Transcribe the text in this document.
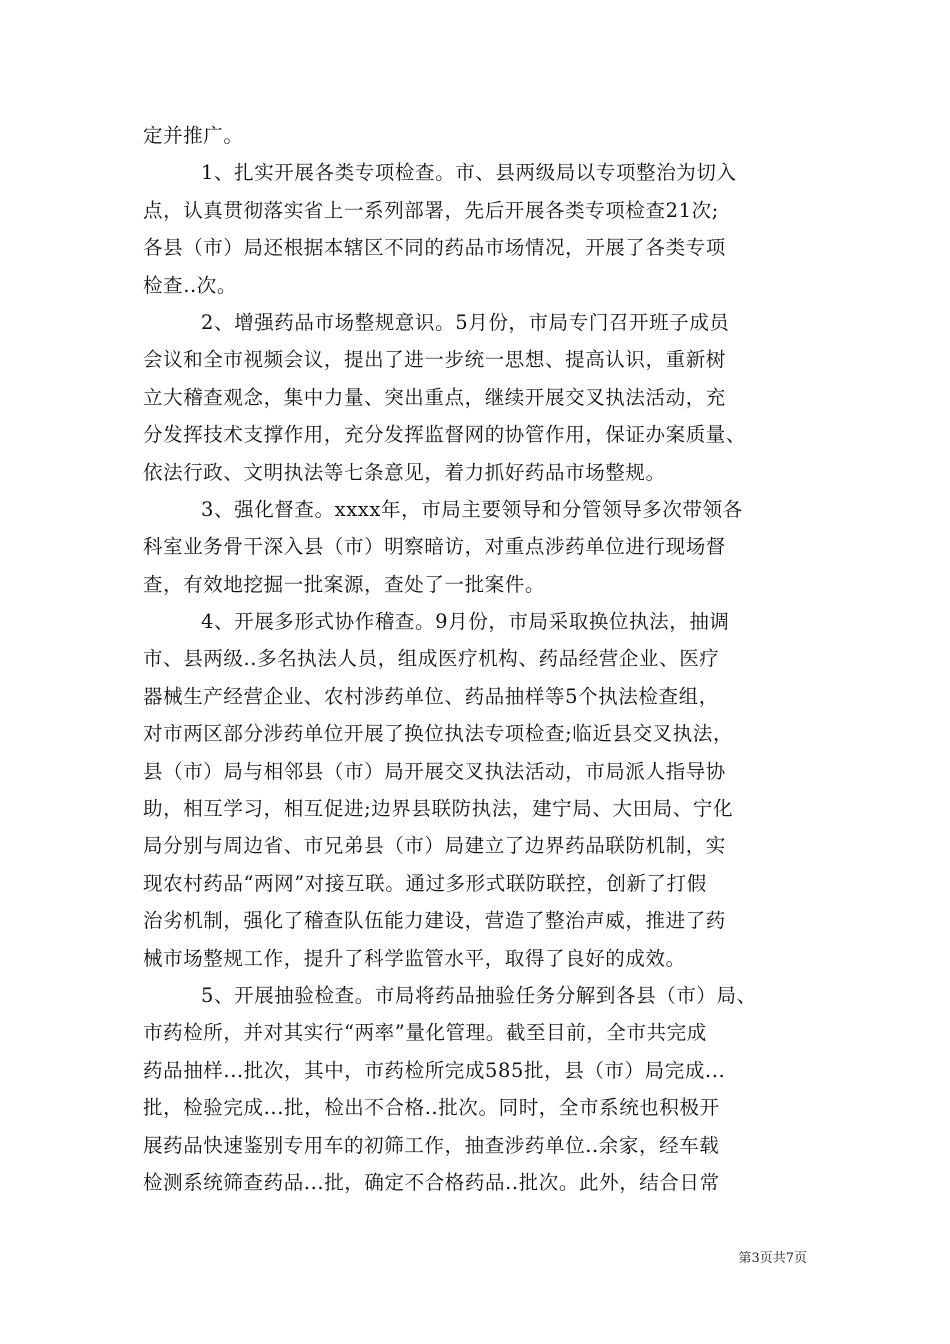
定并推广。
1、扎实开展各类专项检查。市、县两级局以专项整治为切入
点，认真贯彻落实省上一系列部署，先后开展各类专项检查21次;
各县（市）局还根据本辖区不同的药品市场情况，开展了各类专项
检查..次。
2、增强药品市场整规意识。5月份，市局专门召开班子成员
会议和全市视频会议，提出了进一步统一思想、提高认识，重新树
立大稽查观念，集中力量、突出重点，继续开展交叉执法活动，充
分发挥技术支撑作用，充分发挥监督网的协管作用，保证办案质量、
依法行政、文明执法等七条意见，着力抓好药品市场整规。
3、强化督查。xxxx年，市局主要领导和分管领导多次带领各
科室业务骨干深入县（市）明察暗访，对重点涉药单位进行现场督
查，有效地挖掘一批案源，查处了一批案件。
4、开展多形式协作稽查。9月份，市局采取换位执法，抽调
市、县两级..多名执法人员，组成医疗机构、药品经营企业、医疗
器械生产经营企业、农村涉药单位、药品抽样等5个执法检查组，
对市两区部分涉药单位开展了换位执法专项检查;临近县交叉执法，
县（市）局与相邻县（市）局开展交叉执法活动，市局派人指导协
助，相互学习，相互促进;边界县联防执法，建宁局、大田局、宁化
局分别与周边省、市兄弟县（市）局建立了边界药品联防机制，实
现农村药品“两网”对接互联。通过多形式联防联控，创新了打假
治劣机制，强化了稽查队伍能力建设，营造了整治声威，推进了药
械市场整规工作，提升了科学监管水平，取得了良好的成效。
5、开展抽验检查。市局将药品抽验任务分解到各县（市）局、
市药检所，并对其实行“两率”量化管理。截至目前，全市共完成
药品抽样...批次，其中，市药检所完成585批，县（市）局完成...
批，检验完成...批，检出不合格..批次。同时，全市系统也积极开
展药品快速鉴别专用车的初筛工作，抽查涉药单位..余家，经车载
检测系统筛查药品...批，确定不合格药品..批次。此外，结合日常
第3页共7页
